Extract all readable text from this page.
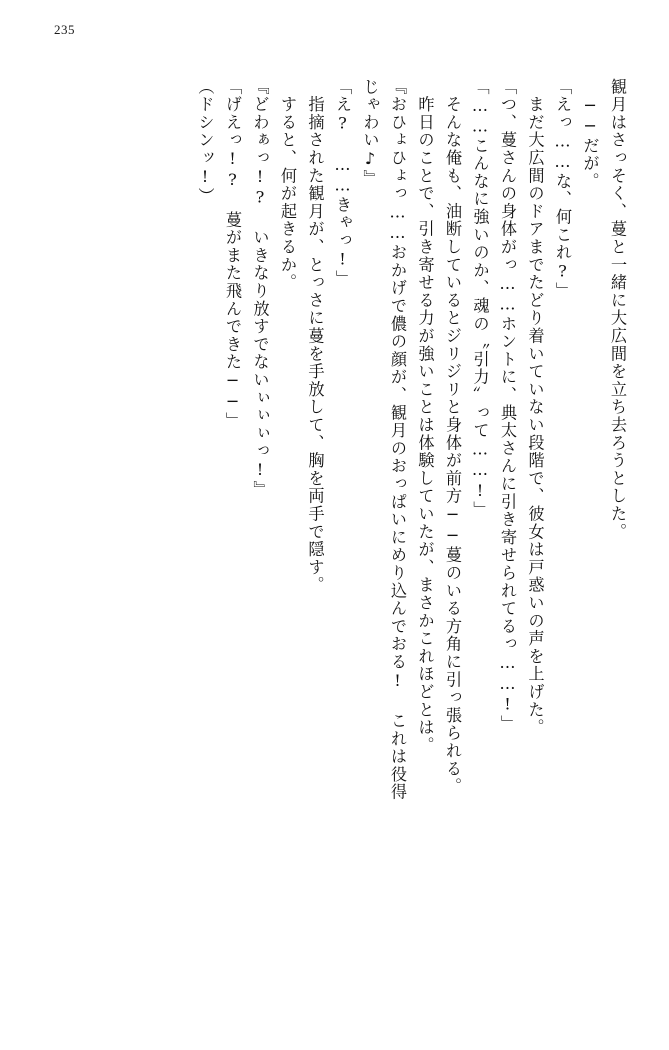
235
観月はさっそく、蔓と一緒に大広間を立ち去ろうとした。
　──だが。
「えっ……な、何これ?」
　まだ大広間のドアまでたどり着いていない段階で、彼女は戸惑いの声を上げた。
「つ、蔓さんの身体がっ……ホントに、典太さんに引き寄せられてるっ……!」
「……こんなに強いのか、魂の〝引力〟って……!」
　そんな俺も、油断しているとジリジリと身体が前方──蔓のいる方角に引っ張られる。
　昨日のことで、引き寄せる力が強いことは体験していたが、まさかこれほどとは。
『おひょひょっ……おかげで儂の顔が、観月のおっぱいにめり込んでおる! これは役得
じゃわい♪』
「え? ……きゃっ!」
　指摘された観月が、とっさに蔓を手放して、胸を両手で隠す。
　すると、何が起きるか。
『どわぁっ!? いきなり放すでないぃぃぃっ!』
「げえっ!? 蔓がまた飛んできた──」
（ドシンッ!）
